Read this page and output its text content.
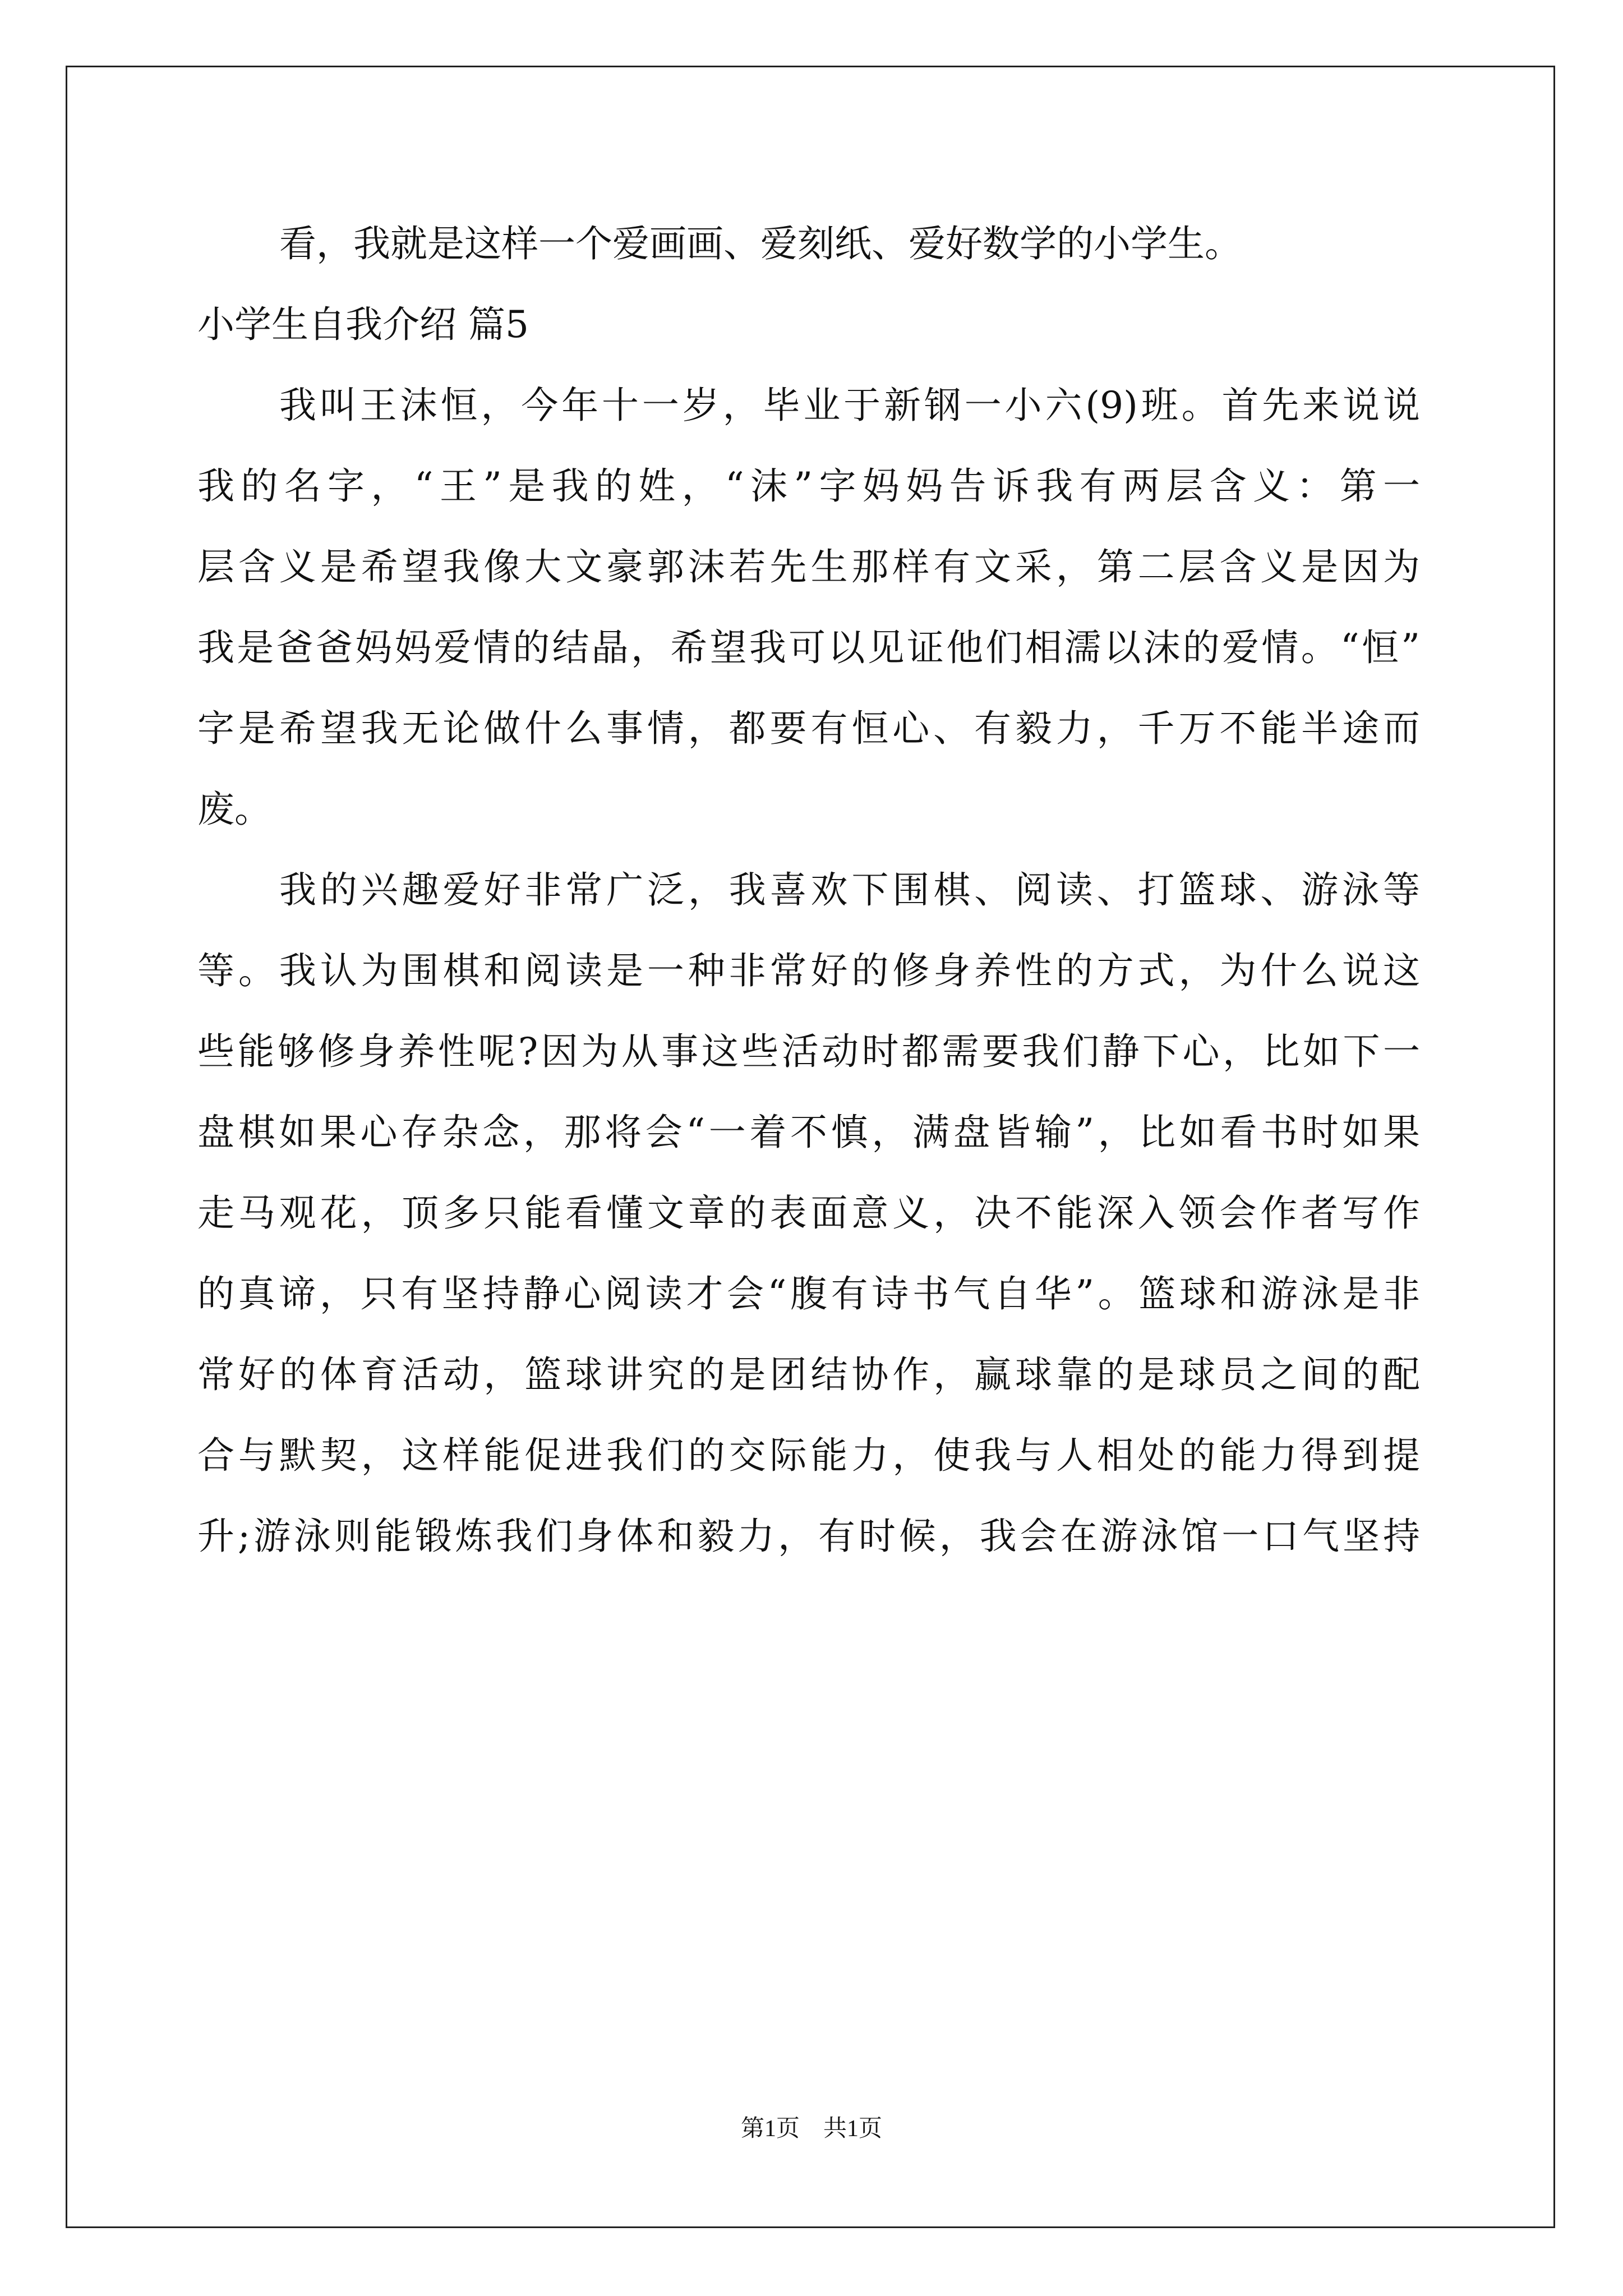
看，我就是这样一个爱画画、爱刻纸、爱好数学的小学生。
小学生自我介绍 篇5
我叫王沫恒，今年十一岁，毕业于新钢一小六(9)班。首先来说说
我的名字，“王”是我的姓，“沫”字妈妈告诉我有两层含义：第一
层含义是希望我像大文豪郭沫若先生那样有文采，第二层含义是因为
我是爸爸妈妈爱情的结晶，希望我可以见证他们相濡以沫的爱情。“恒”
字是希望我无论做什么事情，都要有恒心、有毅力，千万不能半途而
废。
我的兴趣爱好非常广泛，我喜欢下围棋、阅读、打篮球、游泳等
等。我认为围棋和阅读是一种非常好的修身养性的方式，为什么说这
些能够修身养性呢?因为从事这些活动时都需要我们静下心，比如下一
盘棋如果心存杂念，那将会“一着不慎，满盘皆输”，比如看书时如果
走马观花，顶多只能看懂文章的表面意义，决不能深入领会作者写作
的真谛，只有坚持静心阅读才会“腹有诗书气自华”。篮球和游泳是非
常好的体育活动，篮球讲究的是团结协作，赢球靠的是球员之间的配
合与默契，这样能促进我们的交际能力，使我与人相处的能力得到提
升;游泳则能锻炼我们身体和毅力，有时候，我会在游泳馆一口气坚持
第1页　共1页
